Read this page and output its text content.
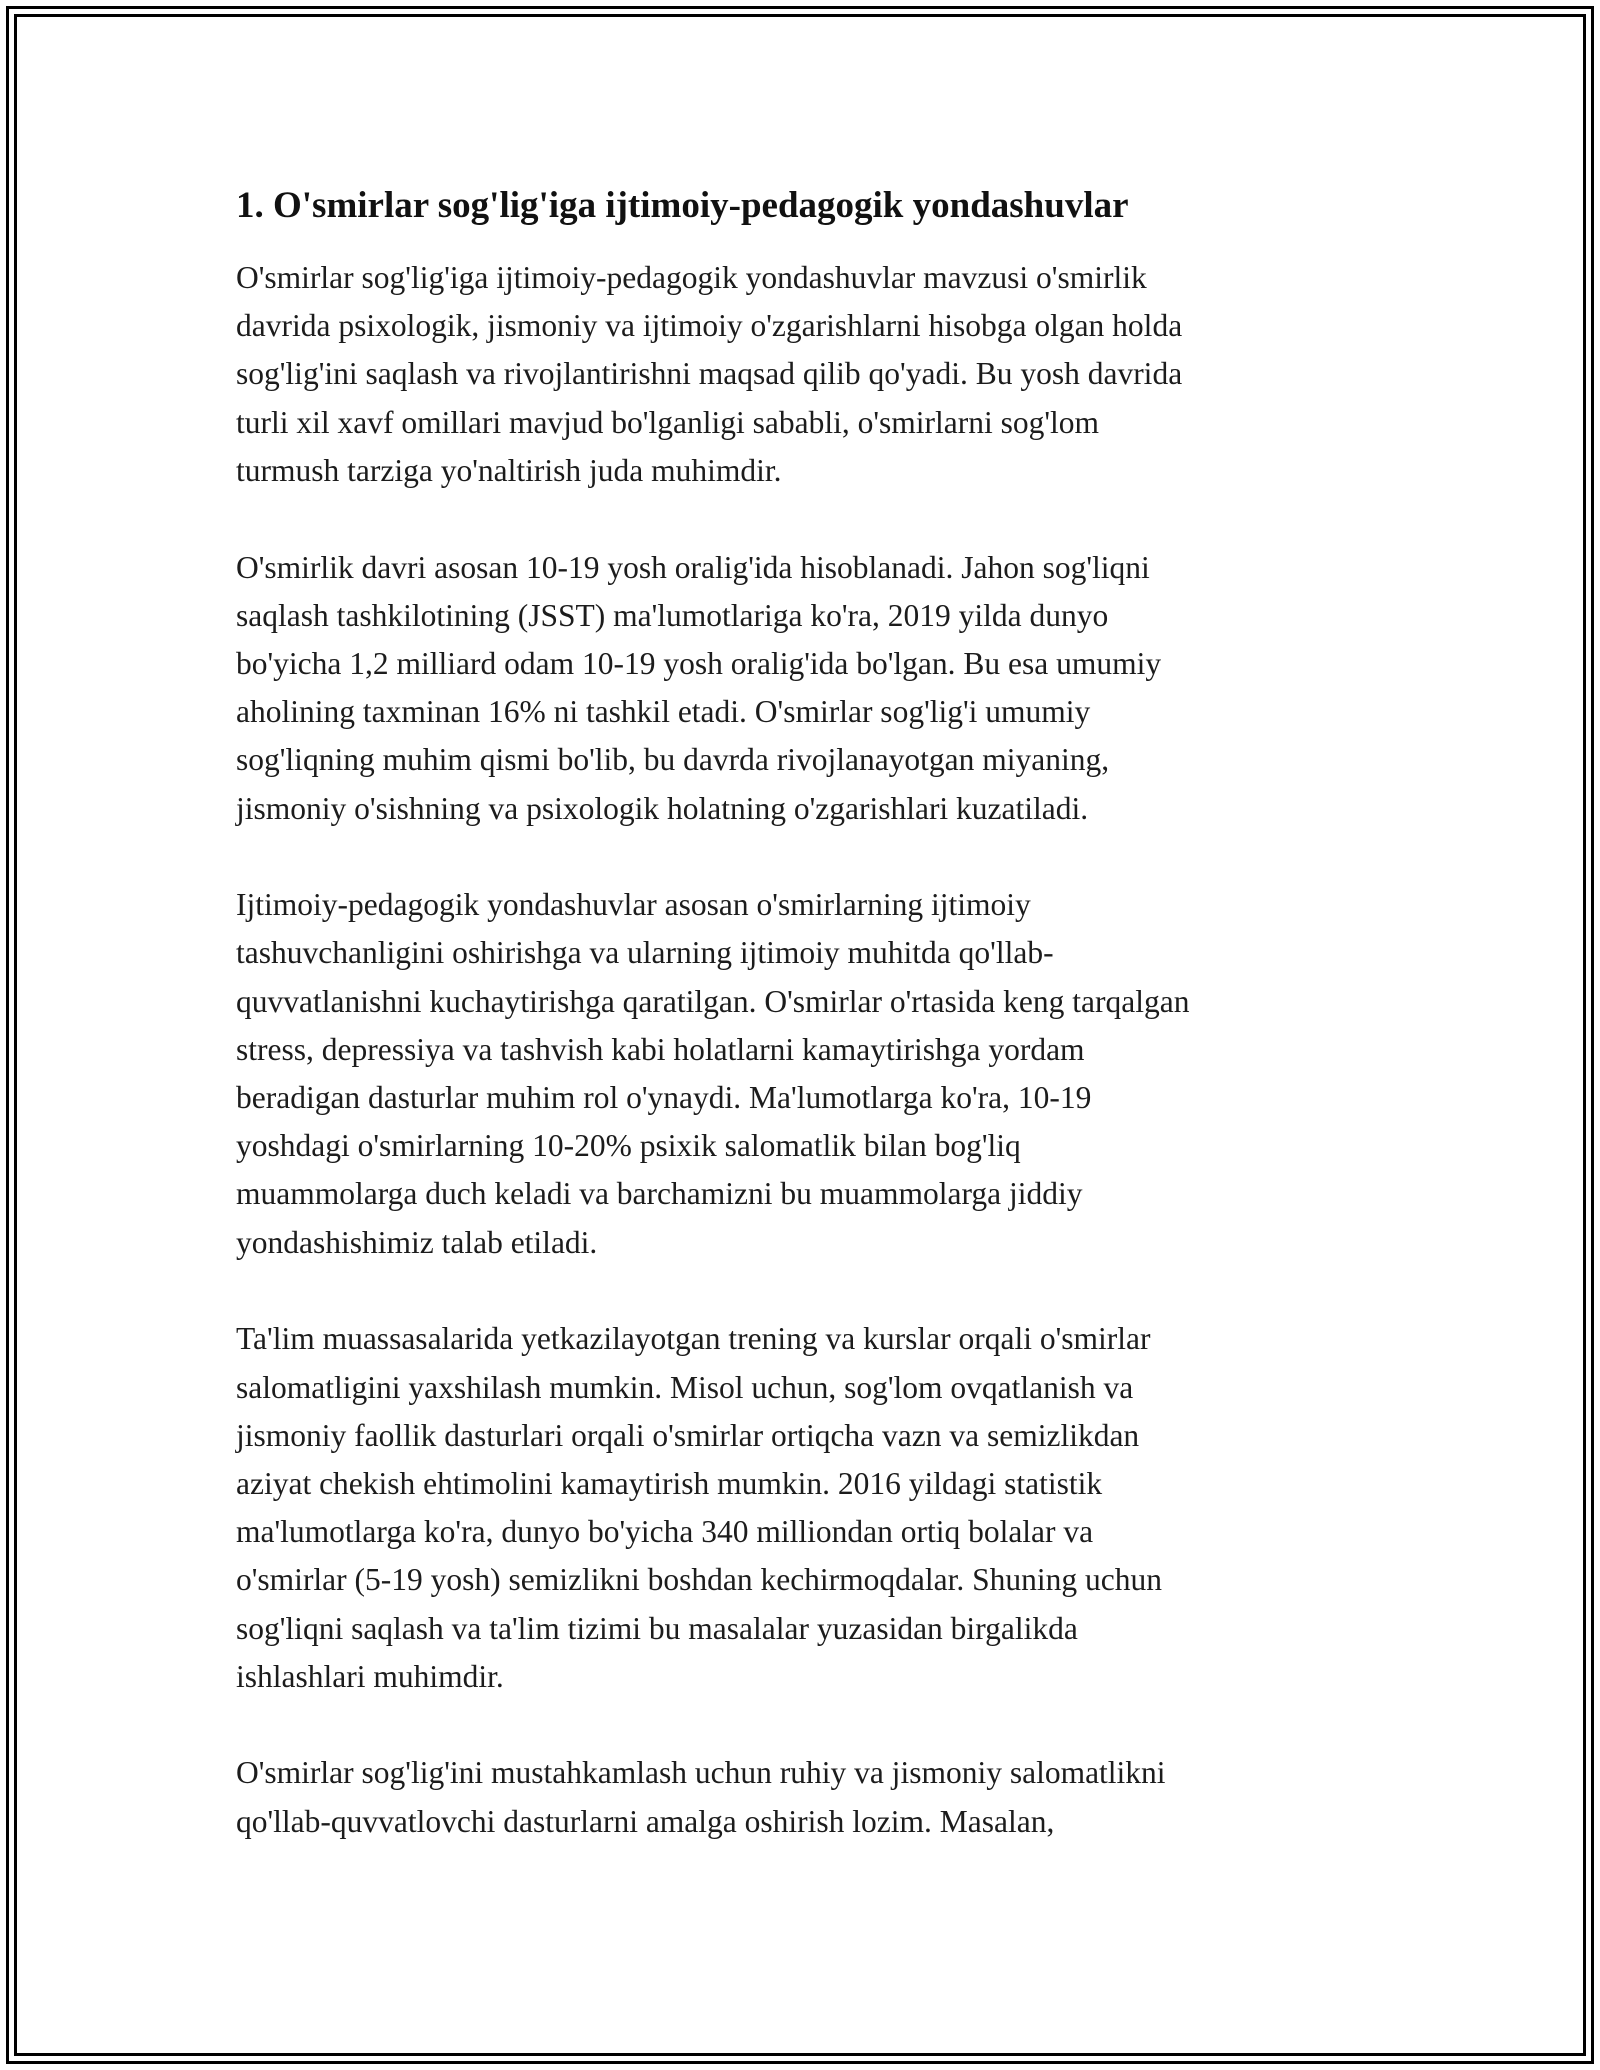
1. O'smirlar sog'lig'iga ijtimoiy-pedagogik yondashuvlar

O'smirlar sog'lig'iga ijtimoiy-pedagogik yondashuvlar mavzusi o'smirlik
davrida psixologik, jismoniy va ijtimoiy o'zgarishlarni hisobga olgan holda
sog'lig'ini saqlash va rivojlantirishni maqsad qilib qo'yadi. Bu yosh davrida
turli xil xavf omillari mavjud bo'lganligi sababli, o'smirlarni sog'lom
turmush tarziga yo'naltirish juda muhimdir.

O'smirlik davri asosan 10-19 yosh oralig'ida hisoblanadi. Jahon sog'liqni
saqlash tashkilotining (JSST) ma'lumotlariga ko'ra, 2019 yilda dunyo
bo'yicha 1,2 milliard odam 10-19 yosh oralig'ida bo'lgan. Bu esa umumiy
aholining taxminan 16% ni tashkil etadi. O'smirlar sog'lig'i umumiy
sog'liqning muhim qismi bo'lib, bu davrda rivojlanayotgan miyaning,
jismoniy o'sishning va psixologik holatning o'zgarishlari kuzatiladi.

Ijtimoiy-pedagogik yondashuvlar asosan o'smirlarning ijtimoiy
tashuvchanligini oshirishga va ularning ijtimoiy muhitda qo'llab-
quvvatlanishni kuchaytirishga qaratilgan. O'smirlar o'rtasida keng tarqalgan
stress, depressiya va tashvish kabi holatlarni kamaytirishga yordam
beradigan dasturlar muhim rol o'ynaydi. Ma'lumotlarga ko'ra, 10-19
yoshdagi o'smirlarning 10-20% psixik salomatlik bilan bog'liq
muammolarga duch keladi va barchamizni bu muammolarga jiddiy
yondashishimiz talab etiladi.

Ta'lim muassasalarida yetkazilayotgan trening va kurslar orqali o'smirlar
salomatligini yaxshilash mumkin. Misol uchun, sog'lom ovqatlanish va
jismoniy faollik dasturlari orqali o'smirlar ortiqcha vazn va semizlikdan
aziyat chekish ehtimolini kamaytirish mumkin. 2016 yildagi statistik
ma'lumotlarga ko'ra, dunyo bo'yicha 340 milliondan ortiq bolalar va
o'smirlar (5-19 yosh) semizlikni boshdan kechirmoqdalar. Shuning uchun
sog'liqni saqlash va ta'lim tizimi bu masalalar yuzasidan birgalikda
ishlashlari muhimdir.

O'smirlar sog'lig'ini mustahkamlash uchun ruhiy va jismoniy salomatlikni
qo'llab-quvvatlovchi dasturlarni amalga oshirish lozim. Masalan,
